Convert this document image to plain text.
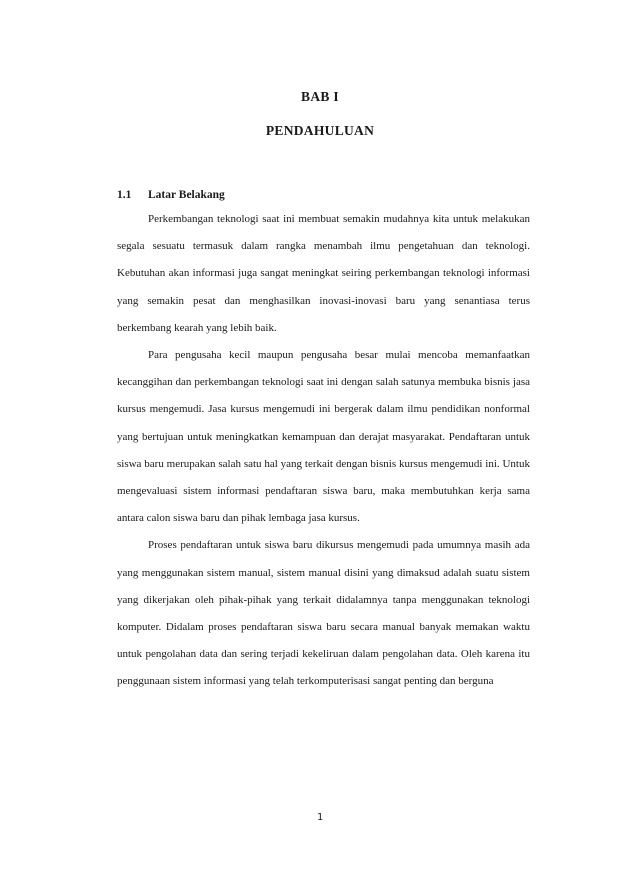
BAB I
PENDAHULUAN
1.1 Latar Belakang

Perkembangan teknologi saat ini membuat semakin mudahnya kita untuk melakukan segala sesuatu termasuk dalam rangka menambah ilmu pengetahuan dan teknologi. Kebutuhan akan informasi juga sangat meningkat seiring perkembangan teknologi informasi yang semakin pesat dan menghasilkan inovasi-inovasi baru yang senantiasa terus berkembang kearah yang lebih baik.

Para pengusaha kecil maupun pengusaha besar mulai mencoba memanfaatkan kecanggihan dan perkembangan teknologi saat ini dengan salah satunya membuka bisnis jasa kursus mengemudi. Jasa kursus mengemudi ini bergerak dalam ilmu pendidikan nonformal yang bertujuan untuk meningkatkan kemampuan dan derajat masyarakat. Pendaftaran untuk siswa baru merupakan salah satu hal yang terkait dengan bisnis kursus mengemudi ini. Untuk mengevaluasi sistem informasi pendaftaran siswa baru, maka membutuhkan kerja sama antara calon siswa baru dan pihak lembaga jasa kursus.

Proses pendaftaran untuk siswa baru dikursus mengemudi pada umumnya masih ada yang menggunakan sistem manual, sistem manual disini yang dimaksud adalah suatu sistem yang dikerjakan oleh pihak-pihak yang terkait didalamnya tanpa menggunakan teknologi komputer. Didalam proses pendaftaran siswa baru secara manual banyak memakan waktu untuk pengolahan data dan sering terjadi kekeliruan dalam pengolahan data. Oleh karena itu penggunaan sistem informasi yang telah terkomputerisasi sangat penting dan berguna

1
